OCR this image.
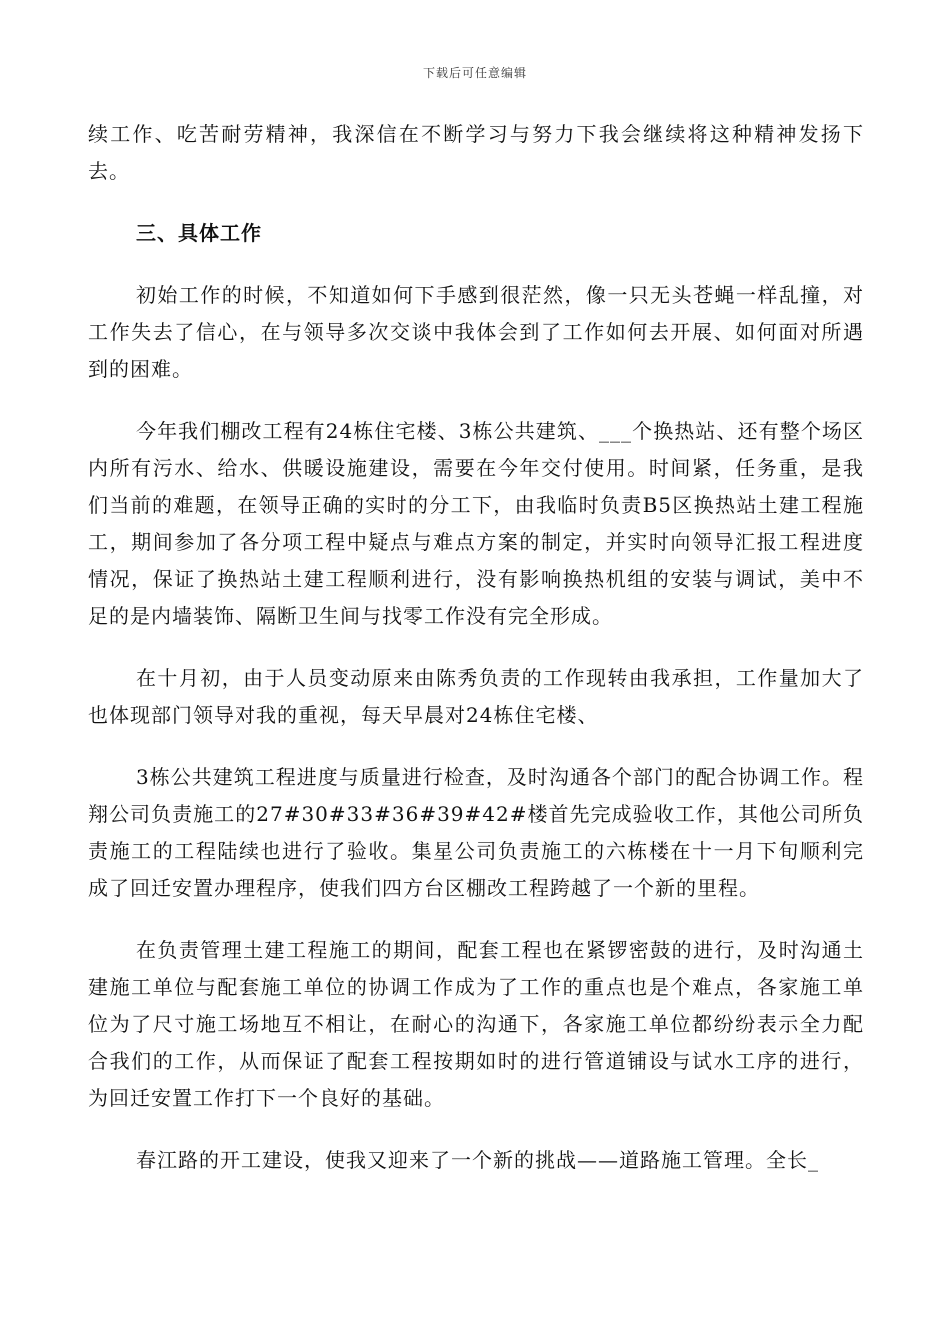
下载后可任意编辑

续工作、吃苦耐劳精神，我深信在不断学习与努力下我会继续将这种精神发扬下去。

三、具体工作

初始工作的时候，不知道如何下手感到很茫然，像一只无头苍蝇一样乱撞，对工作失去了信心，在与领导多次交谈中我体会到了工作如何去开展、如何面对所遇到的困难。

今年我们棚改工程有24栋住宅楼、3栋公共建筑、___个换热站、还有整个场区内所有污水、给水、供暖设施建设，需要在今年交付使用。时间紧，任务重，是我们当前的难题，在领导正确的实时的分工下，由我临时负责B5区换热站土建工程施工，期间参加了各分项工程中疑点与难点方案的制定，并实时向领导汇报工程进度情况，保证了换热站土建工程顺利进行，没有影响换热机组的安装与调试，美中不足的是内墙装饰、隔断卫生间与找零工作没有完全形成。

在十月初，由于人员变动原来由陈秀负责的工作现转由我承担，工作量加大了也体现部门领导对我的重视，每天早晨对24栋住宅楼、

3栋公共建筑工程进度与质量进行检查，及时沟通各个部门的配合协调工作。程翔公司负责施工的27#30#33#36#39#42#楼首先完成验收工作，其他公司所负责施工的工程陆续也进行了验收。集星公司负责施工的六栋楼在十一月下旬顺利完成了回迁安置办理程序，使我们四方台区棚改工程跨越了一个新的里程。

在负责管理土建工程施工的期间，配套工程也在紧锣密鼓的进行，及时沟通土建施工单位与配套施工单位的协调工作成为了工作的重点也是个难点，各家施工单位为了尺寸施工场地互不相让，在耐心的沟通下，各家施工单位都纷纷表示全力配合我们的工作，从而保证了配套工程按期如时的进行管道铺设与试水工序的进行，为回迁安置工作打下一个良好的基础。

春江路的开工建设，使我又迎来了一个新的挑战——道路施工管理。全长_
